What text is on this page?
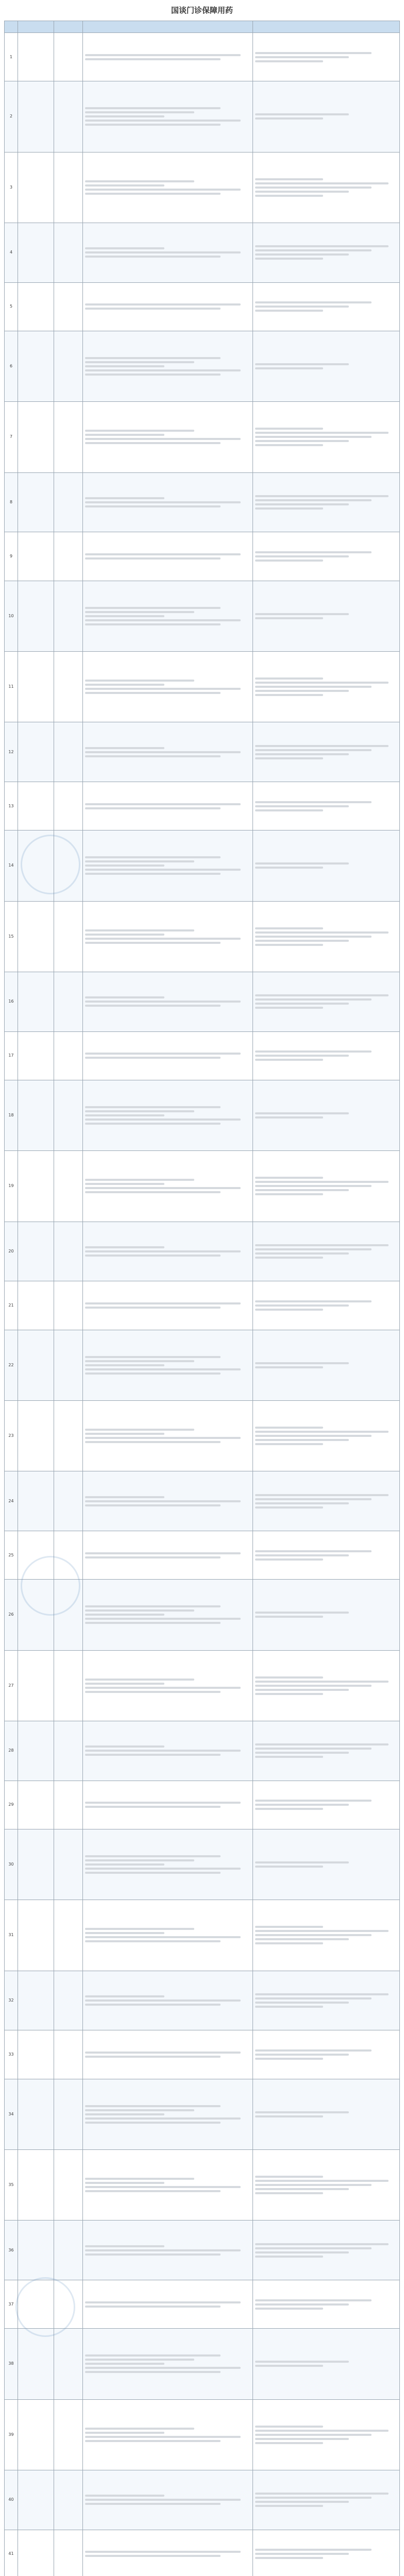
国谈门诊保障用药

1			

2			

3			

4			

5			

6			

7			

8			

9			

10			

11			

12			

13			

14			

15			

16			

17			

18			

19			

20			

21			

22			

23			

24			

25			

26			

27			

28			

29			

30			

31			

32			

33			

34			

35			

36			

37			

38			

39			

40			

41			
